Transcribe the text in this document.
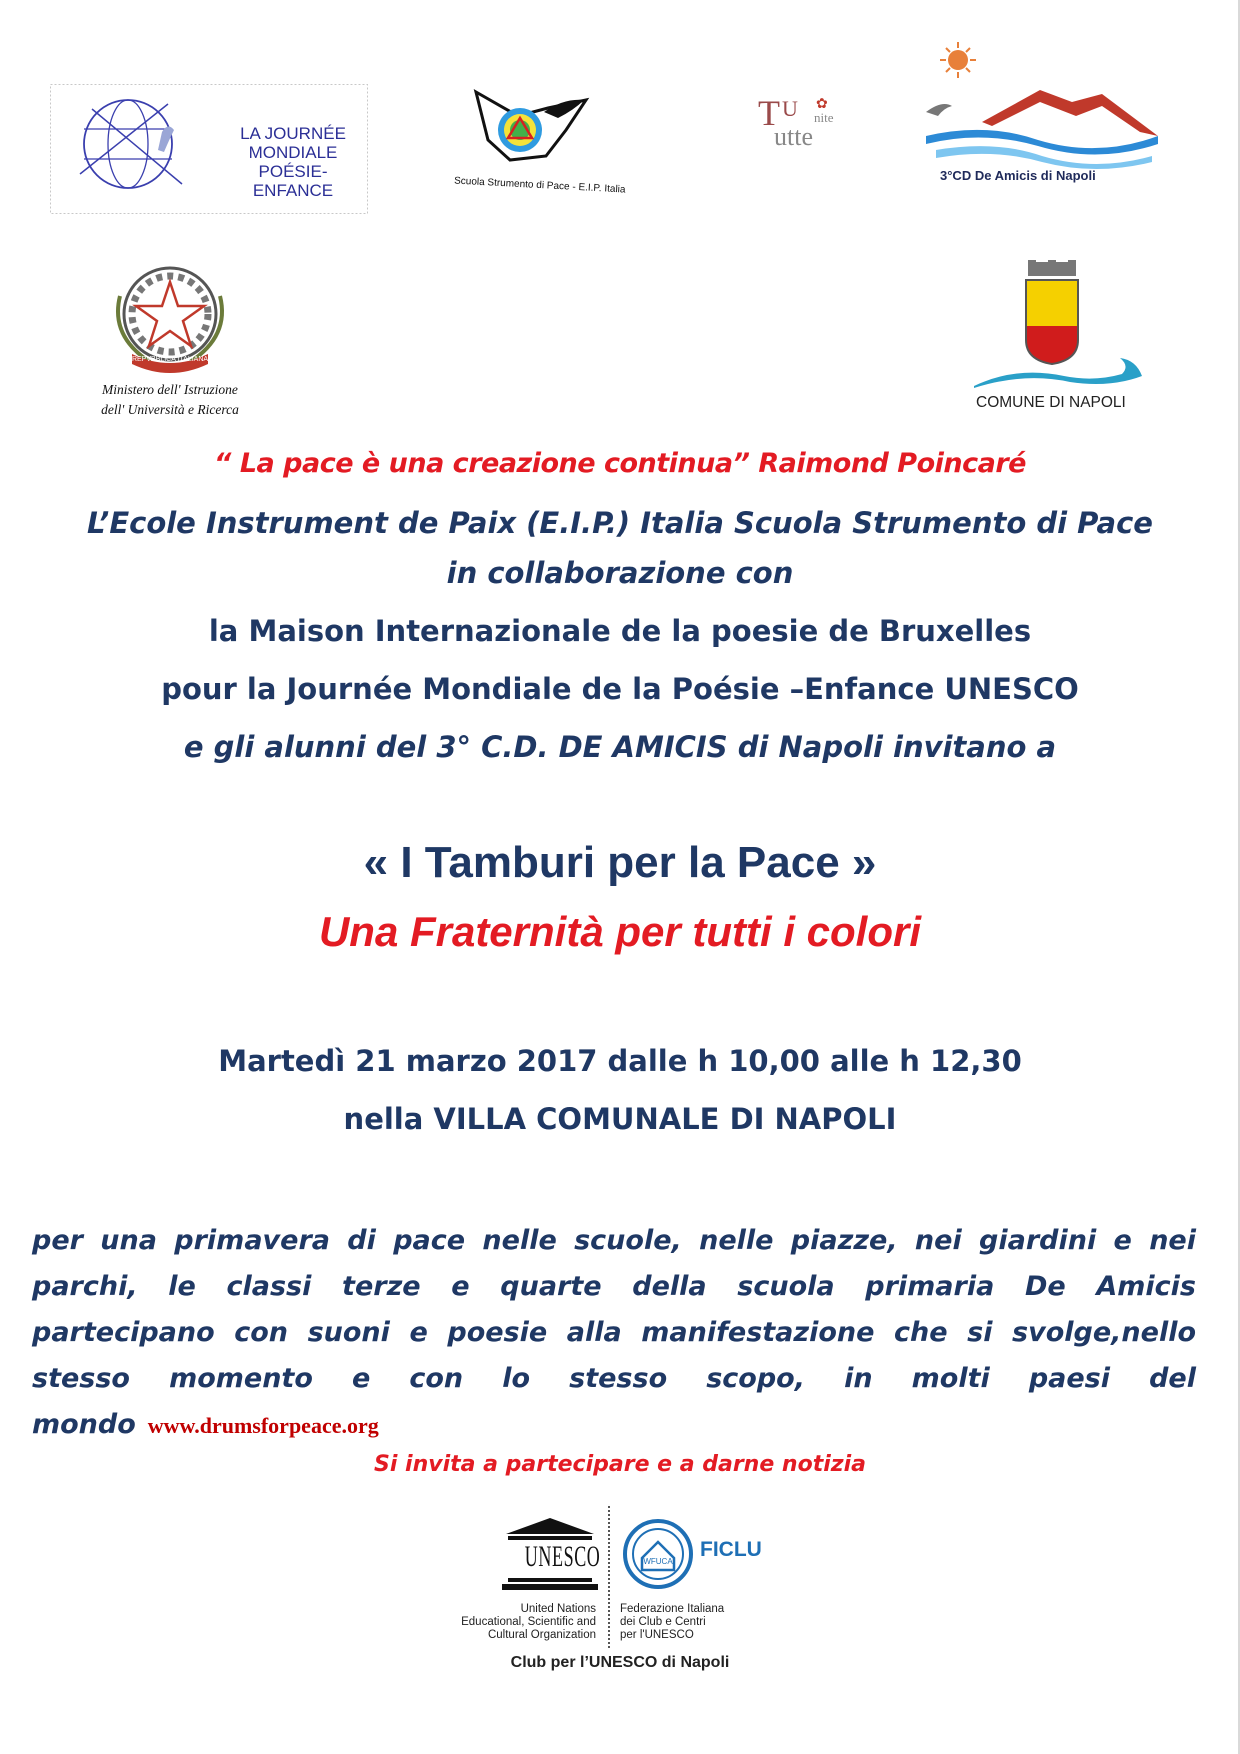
LA JOURNÉE
MONDIALE
POÉSIE-ENFANCE	Scuola Strumento di Pace - E.I.P. Italia
T U nite
utte
✿
3°CD De Amicis di Napoli
REPVBBLICA ITALIANA
Ministero dell' Istruzione
dell' Università e Ricerca	COMUNE DI NAPOLI
“ La pace è una creazione continua” Raimond Poincaré
L’Ecole Instrument de Paix (E.I.P.) Italia Scuola Strumento di Pace
in collaborazione con
la Maison Internazionale de la poesie de Bruxelles
pour la Journée Mondiale de la Poésie –Enfance UNESCO
e gli alunni del 3° C.D. DE AMICIS di Napoli invitano a
« I Tamburi per la Pace »
Una Fraternità per tutti i colori
Martedì 21 marzo 2017 dalle h 10,00 alle h 12,30
nella VILLA COMUNALE DI NAPOLI
per una primavera di pace nelle scuole, nelle piazze, nei giardini e nei parchi, le classi terze e quarte della scuola primaria De Amicis partecipano con suoni e poesie alla manifestazione che si svolge,nello stesso momento e con lo stesso scopo, in molti paesi del mondo www.drumsforpeace.org
Si invita a partecipare e a darne notizia
UNESCO
United Nations
Educational, Scientific and
Cultural Organization
WFUCA
FICLU
Federazione Italiana
dei Club e Centri
per l'UNESCO
Club per l’UNESCO di Napoli
